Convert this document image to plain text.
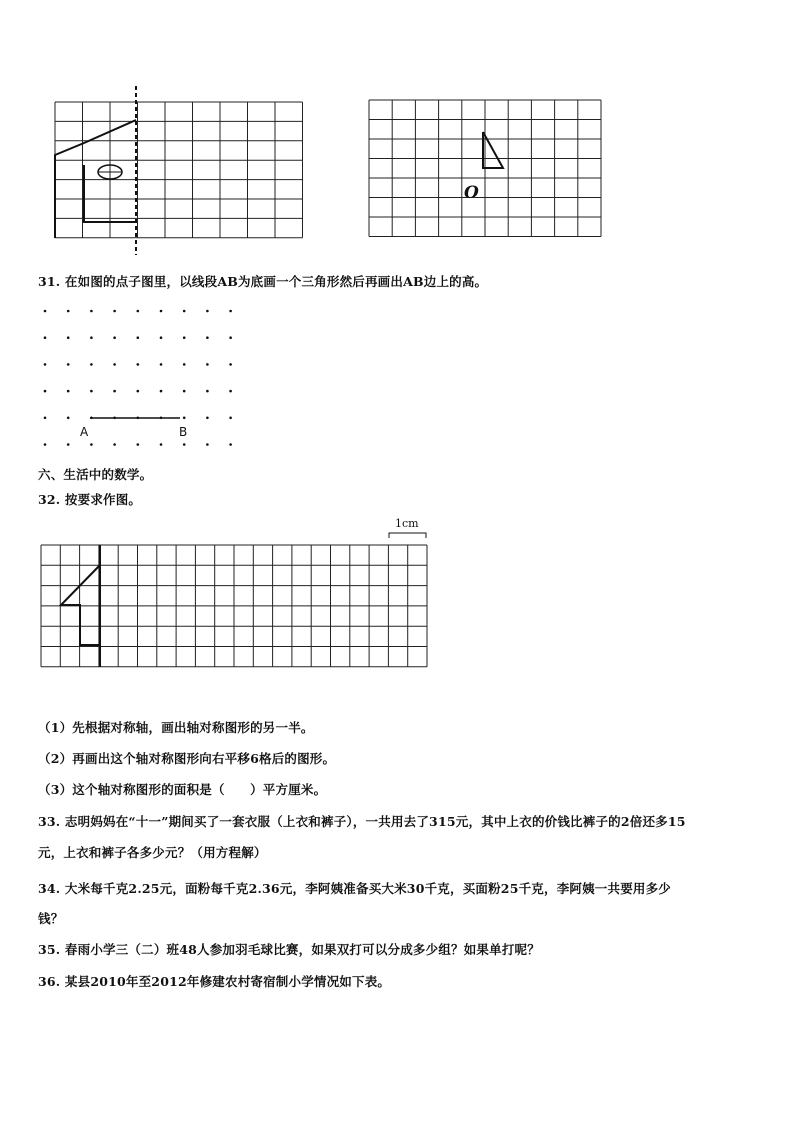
O
31. 在如图的点子图里，以线段AB为底画一个三角形然后再画出AB边上的高。
A	B
六、生活中的数学。
32. 按要求作图。
1cm
（1）先根据对称轴，画出轴对称图形的另一半。
（2）再画出这个轴对称图形向右平移6格后的图形。
（3）这个轴对称图形的面积是（　　）平方厘米。
33. 志明妈妈在“十一”期间买了一套衣服（上衣和裤子），一共用去了315元，其中上衣的价钱比裤子的2倍还多15
元，上衣和裤子各多少元？（用方程解）
34. 大米每千克2.25元，面粉每千克2.36元，李阿姨准备买大米30千克，买面粉25千克，李阿姨一共要用多少
钱？
35. 春雨小学三（二）班48人参加羽毛球比赛，如果双打可以分成多少组？如果单打呢？
36. 某县2010年至2012年修建农村寄宿制小学情况如下表。
